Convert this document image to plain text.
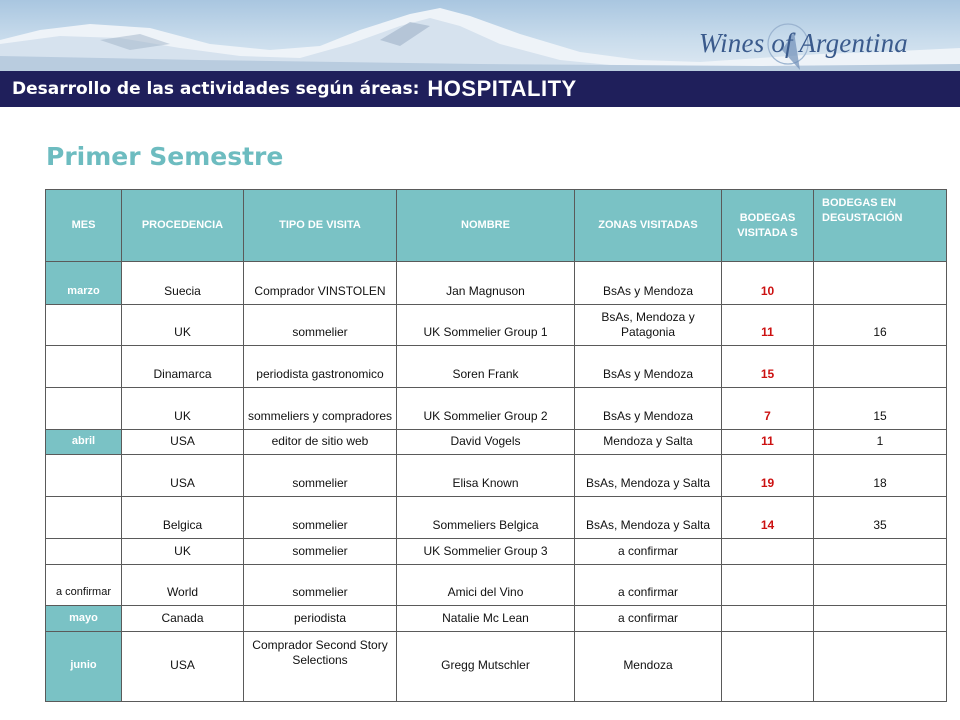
Wines of Argentina
Desarrollo de las actividades según áreas: HOSPITALITY
Primer Semestre
MES	PROCEDENCIA	TIPO DE VISITA	NOMBRE	ZONAS VISITADAS	BODEGAS VISITADA S	BODEGAS EN DEGUSTACIÓN
marzo	Suecia	Comprador VINSTOLEN	Jan Magnuson	BsAs y Mendoza	10	
	UK	sommelier	UK Sommelier Group 1	BsAs, Mendoza y Patagonia	11	16
	Dinamarca	periodista gastronomico	Soren Frank	BsAs y Mendoza	15	
	UK	sommeliers y compradores	UK Sommelier Group 2	BsAs y Mendoza	7	15
abril	USA	editor de sitio web	David Vogels	Mendoza y Salta	11	1
	USA	sommelier	Elisa Known	BsAs, Mendoza y Salta	19	18
	Belgica	sommelier	Sommeliers Belgica	BsAs, Mendoza y Salta	14	35
	UK	sommelier	UK Sommelier Group 3	a confirmar		
a confirmar	World	sommelier	Amici del Vino	a confirmar		
mayo	Canada	periodista	Natalie Mc Lean	a confirmar		
junio	USA	Comprador Second Story Selections	Gregg Mutschler	Mendoza		
